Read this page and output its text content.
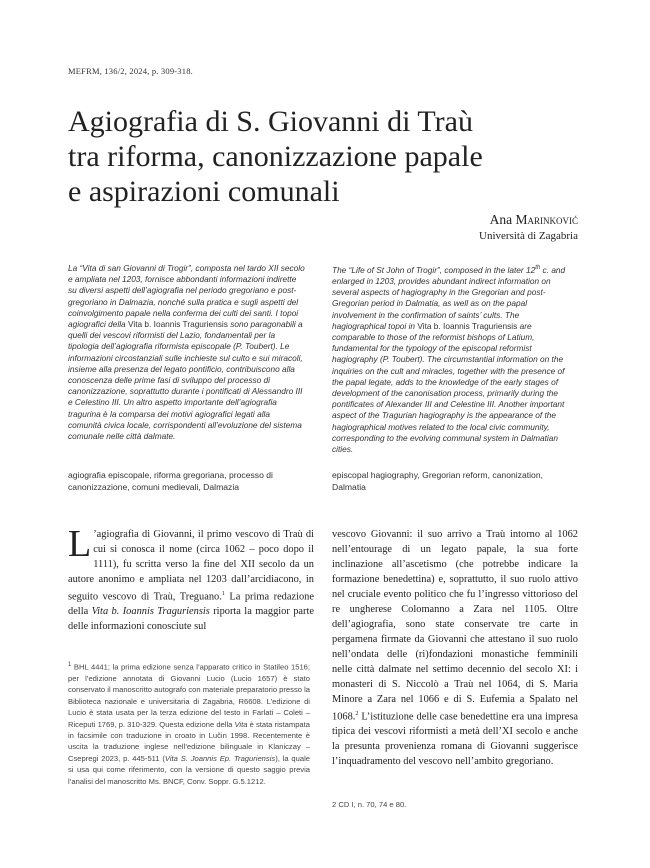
MEFRM, 136/2, 2024, p. 309-318.
Agiografia di S. Giovanni di Traù
tra riforma, canonizzazione papale
e aspirazioni comunali
Ana Marinković
Università di Zagabria

La “Vita di san Giovanni di Trogir”, composta nel tardo XII secolo e ampliata nel 1203, fornisce abbondanti informazioni indirette su diversi aspetti dell’agiografia nel periodo gregoriano e post-gregoriano in Dalmazia, nonché sulla pratica e sugli aspetti del coinvolgimento papale nella conferma dei culti dei santi. I topoi agiografici della Vita b. Ioannis Traguriensis sono paragonabili a quelli dei vescovi riformisti del Lazio, fondamentali per la tipologia dell’agiografia riformista episcopale (P. Toubert). Le informazioni circostanziali sulle inchieste sul culto e sui miracoli, insieme alla presenza del legato pontificio, contribuiscono alla conoscenza delle prime fasi di sviluppo del processo di canonizzazione, soprattutto durante i pontificati di Alessandro III e Celestino III. Un altro aspetto importante dell’agiografia tragurina è la comparsa dei motivi agiografici legati alla comunità civica locale, corrispondenti all’evoluzione del sistema comunale nelle città dalmate.

The “Life of St John of Trogir”, composed in the later 12th c. and enlarged in 1203, provides abundant indirect information on several aspects of hagiography in the Gregorian and post-Gregorian period in Dalmatia, as well as on the papal involvement in the confirmation of saints’ cults. The hagiographical topoi in Vita b. Ioannis Traguriensis are comparable to those of the reformist bishops of Latium, fundamental for the typology of the episcopal reformist hagiography (P. Toubert). The circumstantial information on the inquiries on the cult and miracles, together with the presence of the papal legate, adds to the knowledge of the early stages of development of the canonisation process, primarily during the pontificates of Alexander III and Celestine III. Another important aspect of the Tragurian hagiography is the appearance of the hagiographical motives related to the local civic community, corresponding to the evolving communal system in Dalmatian cities.

agiografia episcopale, riforma gregoriana, processo di canonizzazione, comuni medievali, Dalmazia

episcopal hagiography, Gregorian reform, canonization, Dalmatia

L ’agiografia di Giovanni, il primo vescovo di Traù di cui si conosca il nome (circa 1062 – poco dopo il 1111), fu scritta verso la fine del XII secolo da un autore anonimo e ampliata nel 1203 dall’arcidiacono, in seguito vescovo di Traù, Treguano.$^1$ La prima redazione della Vita b. Ioannis Traguriensis riporta la maggior parte delle informazioni conosciute sul

vescovo Giovanni: il suo arrivo a Traù intorno al 1062 nell’entourage di un legato papale, la sua forte inclinazione all’ascetismo (che potrebbe indicare la formazione benedettina) e, soprattutto, il suo ruolo attivo nel cruciale evento politico che fu l’ingresso vittorioso del re ungherese Colomanno a Zara nel 1105. Oltre dell’agiografia, sono state conservate tre carte in pergamena firmate da Giovanni che attestano il suo ruolo nell’ondata delle (ri)fondazioni monastiche femminili nelle città dalmate nel settimo decennio del secolo XI: i monasteri di S. Niccolò a Traù nel 1064, di S. Maria Minore a Zara nel 1066 e di S. Eufemia a Spalato nel 1068.$^2$ L’istituzione delle case benedettine era una impresa tipica dei vescovi riformisti a metà dell’XI secolo e anche la presunta provenienza romana di Giovanni suggerisce l’inquadramento del vescovo nell’ambito gregoriano.

$^1$ BHL 4441; la prima edizione senza l’apparato critico in Statileo 1516; per l’edizione annotata di Giovanni Lucio (Lucio 1657) è stato conservato il manoscritto autografo con materiale preparatorio presso la Biblioteca nazionale e universitaria di Zagabria, R6608. L’edizione di Lucio è stata usata per la terza edizione del testo in Farlati – Coleti – Riceputi 1769, p. 310-329. Questa edizione della Vita è stata ristampata in facsimile con traduzione in croato in Lučin 1998. Recentemente è uscita la traduzione inglese nell’edizione bilinguale in Klaniczay – Csepregi 2023, p. 445-511 (Vita S. Joannis Ep. Traguriensis), la quale si usa qui come riferimento, con la versione di questo saggio previa l’analisi del manoscritto Ms. BNCF, Conv. Soppr. G.5.1212.

2 CD I, n. 70, 74 e 80.
